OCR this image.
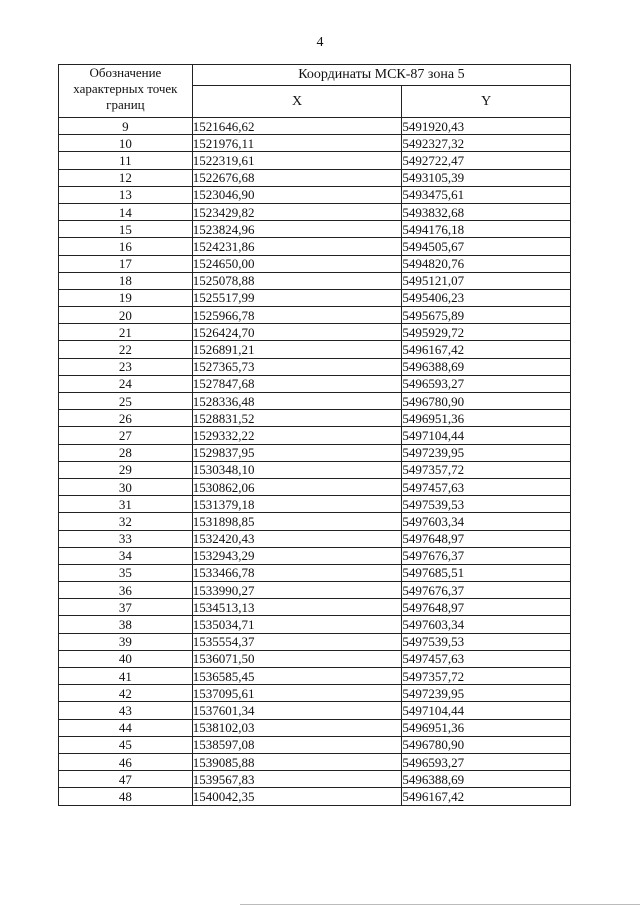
4
Обозначение характерных точек границ	Координаты МСК-87 зона 5	
	X	Y
9	1521646,62	5491920,43
10	1521976,11	5492327,32
11	1522319,61	5492722,47
12	1522676,68	5493105,39
13	1523046,90	5493475,61
14	1523429,82	5493832,68
15	1523824,96	5494176,18
16	1524231,86	5494505,67
17	1524650,00	5494820,76
18	1525078,88	5495121,07
19	1525517,99	5495406,23
20	1525966,78	5495675,89
21	1526424,70	5495929,72
22	1526891,21	5496167,42
23	1527365,73	5496388,69
24	1527847,68	5496593,27
25	1528336,48	5496780,90
26	1528831,52	5496951,36
27	1529332,22	5497104,44
28	1529837,95	5497239,95
29	1530348,10	5497357,72
30	1530862,06	5497457,63
31	1531379,18	5497539,53
32	1531898,85	5497603,34
33	1532420,43	5497648,97
34	1532943,29	5497676,37
35	1533466,78	5497685,51
36	1533990,27	5497676,37
37	1534513,13	5497648,97
38	1535034,71	5497603,34
39	1535554,37	5497539,53
40	1536071,50	5497457,63
41	1536585,45	5497357,72
42	1537095,61	5497239,95
43	1537601,34	5497104,44
44	1538102,03	5496951,36
45	1538597,08	5496780,90
46	1539085,88	5496593,27
47	1539567,83	5496388,69
48	1540042,35	5496167,42
